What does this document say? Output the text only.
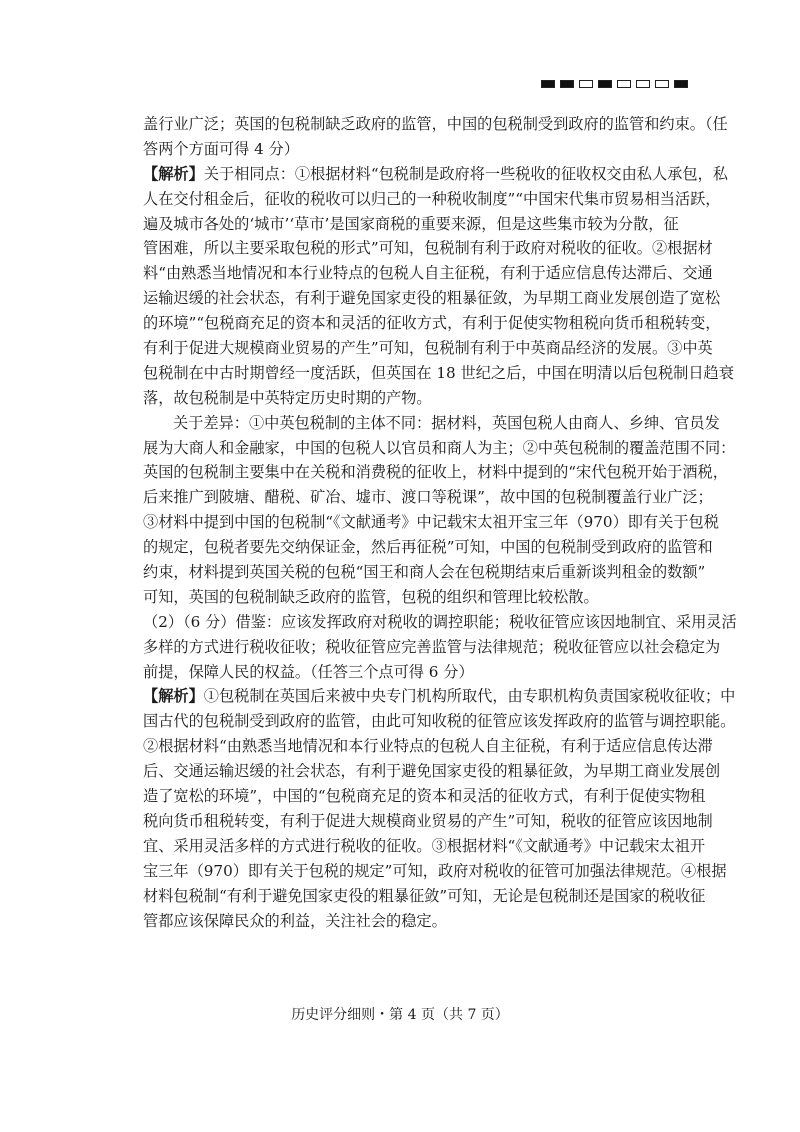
盖行业广泛；英国的包税制缺乏政府的监管，中国的包税制受到政府的监管和约束。（任
答两个方面可得 4 分）
【解析】关于相同点：①根据材料“包税制是政府将一些税收的征收权交由私人承包，私
人在交付租金后，征收的税收可以归己的一种税收制度”“中国宋代集市贸易相当活跃，
遍及城市各处的‘城市’‘草市’是国家商税的重要来源，但是这些集市较为分散，征
管困难，所以主要采取包税的形式”可知，包税制有利于政府对税收的征收。②根据材
料“由熟悉当地情况和本行业特点的包税人自主征税，有利于适应信息传达滞后、交通
运输迟缓的社会状态，有利于避免国家吏役的粗暴征敛，为早期工商业发展创造了宽松
的环境”“包税商充足的资本和灵活的征收方式，有利于促使实物租税向货币租税转变，
有利于促进大规模商业贸易的产生”可知，包税制有利于中英商品经济的发展。③中英
包税制在中古时期曾经一度活跃，但英国在 18 世纪之后，中国在明清以后包税制日趋衰
落，故包税制是中英特定历史时期的产物。
关于差异：①中英包税制的主体不同：据材料，英国包税人由商人、乡绅、官员发
展为大商人和金融家，中国的包税人以官员和商人为主；②中英包税制的覆盖范围不同：
英国的包税制主要集中在关税和消费税的征收上，材料中提到的“宋代包税开始于酒税，
后来推广到陂塘、醋税、矿冶、墟市、渡口等税课”，故中国的包税制覆盖行业广泛；
③材料中提到中国的包税制“《文献通考》中记载宋太祖开宝三年（970）即有关于包税
的规定，包税者要先交纳保证金，然后再征税”可知，中国的包税制受到政府的监管和
约束，材料提到英国关税的包税“国王和商人会在包税期结束后重新谈判租金的数额”
可知，英国的包税制缺乏政府的监管，包税的组织和管理比较松散。
（2）（6 分）借鉴：应该发挥政府对税收的调控职能；税收征管应该因地制宜、采用灵活
多样的方式进行税收征收；税收征管应完善监管与法律规范；税收征管应以社会稳定为
前提，保障人民的权益。（任答三个点可得 6 分）
【解析】①包税制在英国后来被中央专门机构所取代，由专职机构负责国家税收征收；中
国古代的包税制受到政府的监管，由此可知收税的征管应该发挥政府的监管与调控职能。
②根据材料“由熟悉当地情况和本行业特点的包税人自主征税，有利于适应信息传达滞
后、交通运输迟缓的社会状态，有利于避免国家吏役的粗暴征敛，为早期工商业发展创
造了宽松的环境”，中国的“包税商充足的资本和灵活的征收方式，有利于促使实物租
税向货币租税转变，有利于促进大规模商业贸易的产生”可知，税收的征管应该因地制
宜、采用灵活多样的方式进行税收的征收。③根据材料“《文献通考》中记载宋太祖开
宝三年（970）即有关于包税的规定”可知，政府对税收的征管可加强法律规范。④根据
材料包税制“有利于避免国家吏役的粗暴征敛”可知，无论是包税制还是国家的税收征
管都应该保障民众的利益，关注社会的稳定。
历史评分细则・第 4 页（共 7 页）
